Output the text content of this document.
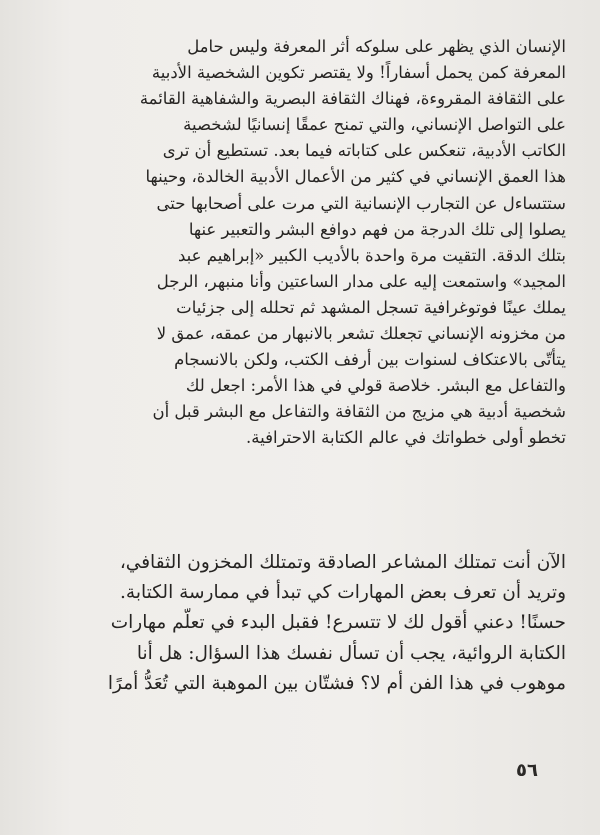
الإنسان الذي يظهر على سلوكه أثر المعرفة وليس حامل
المعرفة كمن يحمل أسفاراً! ولا يقتصر تكوين الشخصية الأدبية
على الثقافة المقروءة، فهناك الثقافة البصرية والشفاهية القائمة
على التواصل الإنساني، والتي تمنح عمقًا إنسانيًا لشخصية
الكاتب الأدبية، تنعكس على كتاباته فيما بعد. تستطيع أن ترى
هذا العمق الإنساني في كثير من الأعمال الأدبية الخالدة، وحينها
ستتساءل عن التجارب الإنسانية التي مرت على أصحابها حتى
يصلوا إلى تلك الدرجة من فهم دوافع البشر والتعبير عنها
بتلك الدقة. التقيت مرة واحدة بالأديب الكبير «إبراهيم عبد
المجيد» واستمعت إليه على مدار الساعتين وأنا منبهر، الرجل
يملك عينًا فوتوغرافية تسجل المشهد ثم تحلله إلى جزئيات
من مخزونه الإنساني تجعلك تشعر بالانبهار من عمقه، عمق لا
يتأتّى بالاعتكاف لسنوات بين أرفف الكتب، ولكن بالانسجام
والتفاعل مع البشر. خلاصة قولي في هذا الأمر: اجعل لك
شخصية أدبية هي مزيج من الثقافة والتفاعل مع البشر قبل أن
تخطو أولى خطواتك في عالم الكتابة الاحترافية.
الآن أنت تمتلك المشاعر الصادقة وتمتلك المخزون الثقافي،
وتريد أن تعرف بعض المهارات كي تبدأ في ممارسة الكتابة.
حسنًا! دعني أقول لك لا تتسرع! فقبل البدء في تعلُّم مهارات
الكتابة الروائية، يجب أن تسأل نفسك هذا السؤال: هل أنا
موهوب في هذا الفن أم لا؟ فشتّان بين الموهبة التي تُعَدُّ أمرًا
٥٦
